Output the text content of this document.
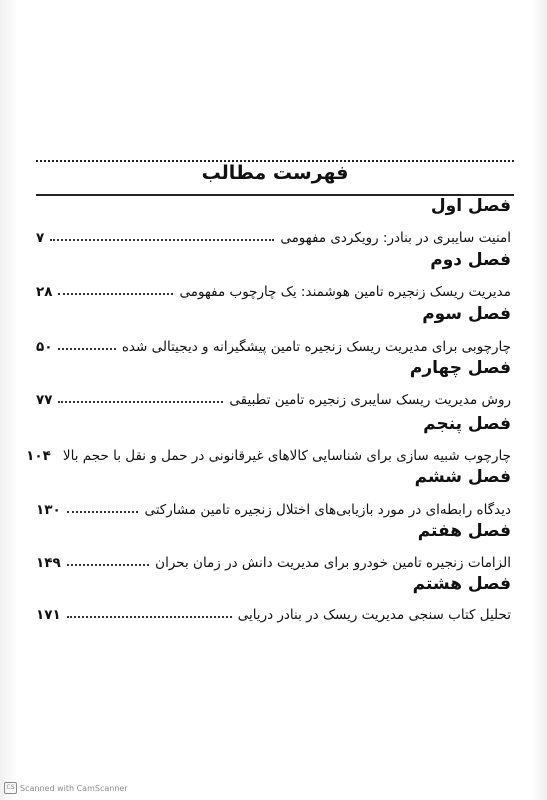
فهرست مطالب
فصل اول
امنیت سایبری در بنادر: رویکردی مفهومی
۷
فصل دوم
مدیریت ریسک زنجیره تامین هوشمند: یک چارچوب مفهومی
۲۸
فصل سوم
چارچوبی برای مدیریت ریسک زنجیره تامین پیشگیرانه و دیجیتالی شده
۵۰
فصل چهارم
روش مدیریت ریسک سایبری زنجیره تامین تطبیقی
۷۷
فصل پنجم
چارچوب شبیه سازی برای شناسایی کالاهای غیرقانونی در حمل و نقل با حجم بالا
۱۰۴
فصل ششم
دیدگاه رابطه‌ای در مورد بازیابی‌های اختلال زنجیره تامین مشارکتی
۱۳۰
فصل هفتم
الزامات زنجیره تامین خودرو برای مدیریت دانش در زمان بحران
۱۴۹
فصل هشتم
تحلیل کتاب سنجی مدیریت ریسک در بنادر دریایی
۱۷۱
CS Scanned with CamScanner
